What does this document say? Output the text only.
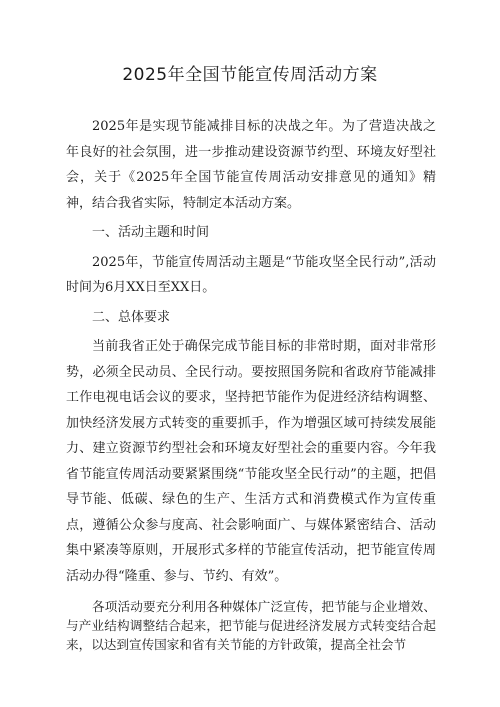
2025年全国节能宣传周活动方案

2025年是实现节能减排目标的决战之年。为了营造决战之年良好的社会氛围，进一步推动建设资源节约型、环境友好型社会，关于《2025年全国节能宣传周活动安排意见的通知》精神，结合我省实际，特制定本活动方案。

一、活动主题和时间

2025年，节能宣传周活动主题是“节能攻坚全民行动”,活动时间为6月XX日至XX日。

二、总体要求

当前我省正处于确保完成节能目标的非常时期，面对非常形势，必须全民动员、全民行动。要按照国务院和省政府节能减排工作电视电话会议的要求，坚持把节能作为促进经济结构调整、加快经济发展方式转变的重要抓手，作为增强区域可持续发展能力、建立资源节约型社会和环境友好型社会的重要内容。今年我省节能宣传周活动要紧紧围绕“节能攻坚全民行动”的主题，把倡导节能、低碳、绿色的生产、生活方式和消费模式作为宣传重点，遵循公众参与度高、社会影响面广、与媒体紧密结合、活动集中紧凑等原则，开展形式多样的节能宣传活动，把节能宣传周活动办得“隆重、参与、节约、有效”。

各项活动要充分利用各种媒体广泛宣传，把节能与企业增效、与产业结构调整结合起来，把节能与促进经济发展方式转变结合起来，以达到宣传国家和省有关节能的方针政策，提高全社会节
